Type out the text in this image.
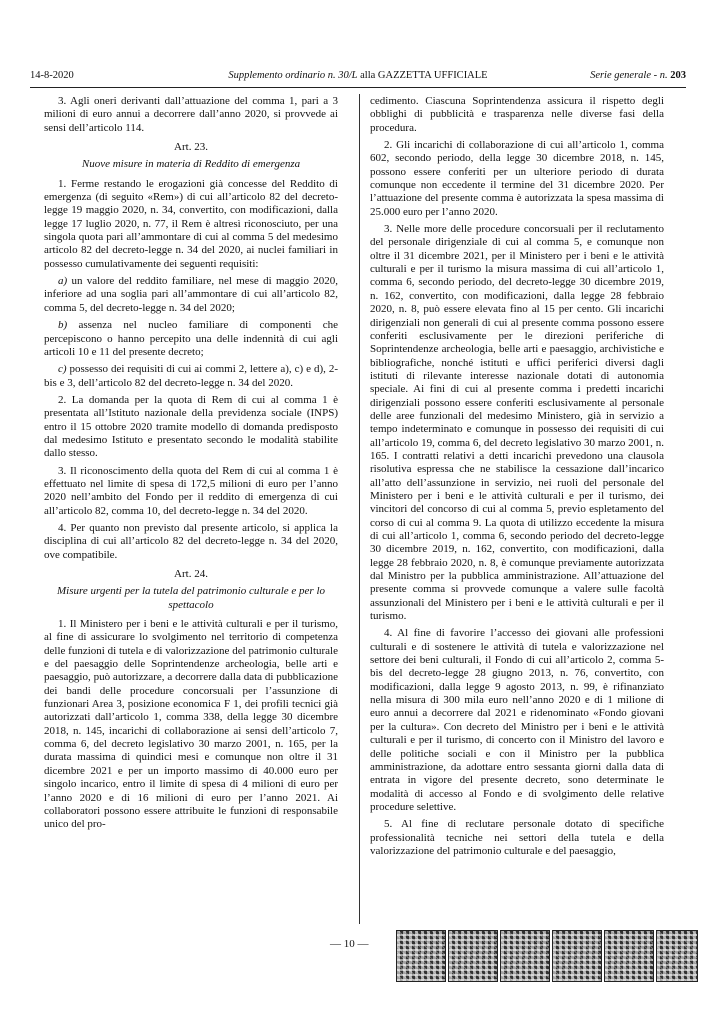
14-8-2020	Supplemento ordinario n. 30/L alla GAZZETTA UFFICIALE	Serie generale - n. 203

3. Agli oneri derivanti dall’attuazione del comma 1, pari a 3 milioni di euro annui a decorrere dall’anno 2020, si provvede ai sensi dell’articolo 114.

Art. 23.
Nuove misure in materia di Reddito di emergenza

1. Ferme restando le erogazioni già concesse del Reddito di emergenza (di seguito «Rem») di cui all’articolo 82 del decreto-legge 19 maggio 2020, n. 34, convertito, con modificazioni, dalla legge 17 luglio 2020, n. 77, il Rem è altresì riconosciuto, per una singola quota pari all’ammontare di cui al comma 5 del medesimo articolo 82 del decreto-legge n. 34 del 2020, ai nuclei familiari in possesso cumulativamente dei seguenti requisiti:

a) un valore del reddito familiare, nel mese di maggio 2020, inferiore ad una soglia pari all’ammontare di cui all’articolo 82, comma 5, del decreto-legge n. 34 del 2020;

b) assenza nel nucleo familiare di componenti che percepiscono o hanno percepito una delle indennità di cui agli articoli 10 e 11 del presente decreto;

c) possesso dei requisiti di cui ai commi 2, lettere a), c) e d), 2-bis e 3, dell’articolo 82 del decreto-legge n. 34 del 2020.

2. La domanda per la quota di Rem di cui al comma 1 è presentata all’Istituto nazionale della previdenza sociale (INPS) entro il 15 ottobre 2020 tramite modello di domanda predisposto dal medesimo Istituto e presentato secondo le modalità stabilite dallo stesso.

3. Il riconoscimento della quota del Rem di cui al comma 1 è effettuato nel limite di spesa di 172,5 milioni di euro per l’anno 2020 nell’ambito del Fondo per il reddito di emergenza di cui all’articolo 82, comma 10, del decreto-legge n. 34 del 2020.

4. Per quanto non previsto dal presente articolo, si applica la disciplina di cui all’articolo 82 del decreto-legge n. 34 del 2020, ove compatibile.

Art. 24.
Misure urgenti per la tutela del patrimonio culturale e per lo spettacolo

1. Il Ministero per i beni e le attività culturali e per il turismo, al fine di assicurare lo svolgimento nel territorio di competenza delle funzioni di tutela e di valorizzazione del patrimonio culturale e del paesaggio delle Soprintendenze archeologia, belle arti e paesaggio, può autorizzare, a decorrere dalla data di pubblicazione dei bandi delle procedure concorsuali per l’assunzione di funzionari Area 3, posizione economica F 1, dei profili tecnici già autorizzati dall’articolo 1, comma 338, della legge 30 dicembre 2018, n. 145, incarichi di collaborazione ai sensi dell’articolo 7, comma 6, del decreto legislativo 30 marzo 2001, n. 165, per la durata massima di quindici mesi e comunque non oltre il 31 dicembre 2021 e per un importo massimo di 40.000 euro per singolo incarico, entro il limite di spesa di 4 milioni di euro per l’anno 2020 e di 16 milioni di euro per l’anno 2021. Ai collaboratori possono essere attribuite le funzioni di responsabile unico del pro-

cedimento. Ciascuna Soprintendenza assicura il rispetto degli obblighi di pubblicità e trasparenza nelle diverse fasi della procedura.

2. Gli incarichi di collaborazione di cui all’articolo 1, comma 602, secondo periodo, della legge 30 dicembre 2018, n. 145, possono essere conferiti per un ulteriore periodo di durata comunque non eccedente il termine del 31 dicembre 2020. Per l’attuazione del presente comma è autorizzata la spesa massima di 25.000 euro per l’anno 2020.

3. Nelle more delle procedure concorsuali per il reclutamento del personale dirigenziale di cui al comma 5, e comunque non oltre il 31 dicembre 2021, per il Ministero per i beni e le attività culturali e per il turismo la misura massima di cui all’articolo 1, comma 6, secondo periodo, del decreto-legge 30 dicembre 2019, n. 162, convertito, con modificazioni, dalla legge 28 febbraio 2020, n. 8, può essere elevata fino al 15 per cento. Gli incarichi dirigenziali non generali di cui al presente comma possono essere conferiti esclusivamente per le direzioni periferiche di Soprintendenze archeologia, belle arti e paesaggio, archivistiche e bibliografiche, nonché istituti e uffici periferici diversi dagli istituti di rilevante interesse nazionale dotati di autonomia speciale. Ai fini di cui al presente comma i predetti incarichi dirigenziali possono essere conferiti esclusivamente al personale delle aree funzionali del medesimo Ministero, già in servizio a tempo indeterminato e comunque in possesso dei requisiti di cui all’articolo 19, comma 6, del decreto legislativo 30 marzo 2001, n. 165. I contratti relativi a detti incarichi prevedono una clausola risolutiva espressa che ne stabilisce la cessazione dall’incarico all’atto dell’assunzione in servizio, nei ruoli del personale del Ministero per i beni e le attività culturali e per il turismo, dei vincitori del concorso di cui al comma 5, previo espletamento del corso di cui al comma 9. La quota di utilizzo eccedente la misura di cui all’articolo 1, comma 6, secondo periodo del decreto-legge 30 dicembre 2019, n. 162, convertito, con modificazioni, dalla legge 28 febbraio 2020, n. 8, è comunque previamente autorizzata dal Ministro per la pubblica amministrazione. All’attuazione del presente comma si provvede comunque a valere sulle facoltà assunzionali del Ministero per i beni e le attività culturali e per il turismo.

4. Al fine di favorire l’accesso dei giovani alle professioni culturali e di sostenere le attività di tutela e valorizzazione nel settore dei beni culturali, il Fondo di cui all’articolo 2, comma 5-bis del decreto-legge 28 giugno 2013, n. 76, convertito, con modificazioni, dalla legge 9 agosto 2013, n. 99, è rifinanziato nella misura di 300 mila euro nell’anno 2020 e di 1 milione di euro annui a decorrere dal 2021 e ridenominato «Fondo giovani per la cultura». Con decreto del Ministro per i beni e le attività culturali e per il turismo, di concerto con il Ministro del lavoro e delle politiche sociali e con il Ministro per la pubblica amministrazione, da adottare entro sessanta giorni dalla data di entrata in vigore del presente decreto, sono determinate le modalità di accesso al Fondo e di svolgimento delle relative procedure selettive.

5. Al fine di reclutare personale dotato di specifiche professionalità tecniche nei settori della tutela e della valorizzazione del patrimonio culturale e del paesaggio,

— 10 —
